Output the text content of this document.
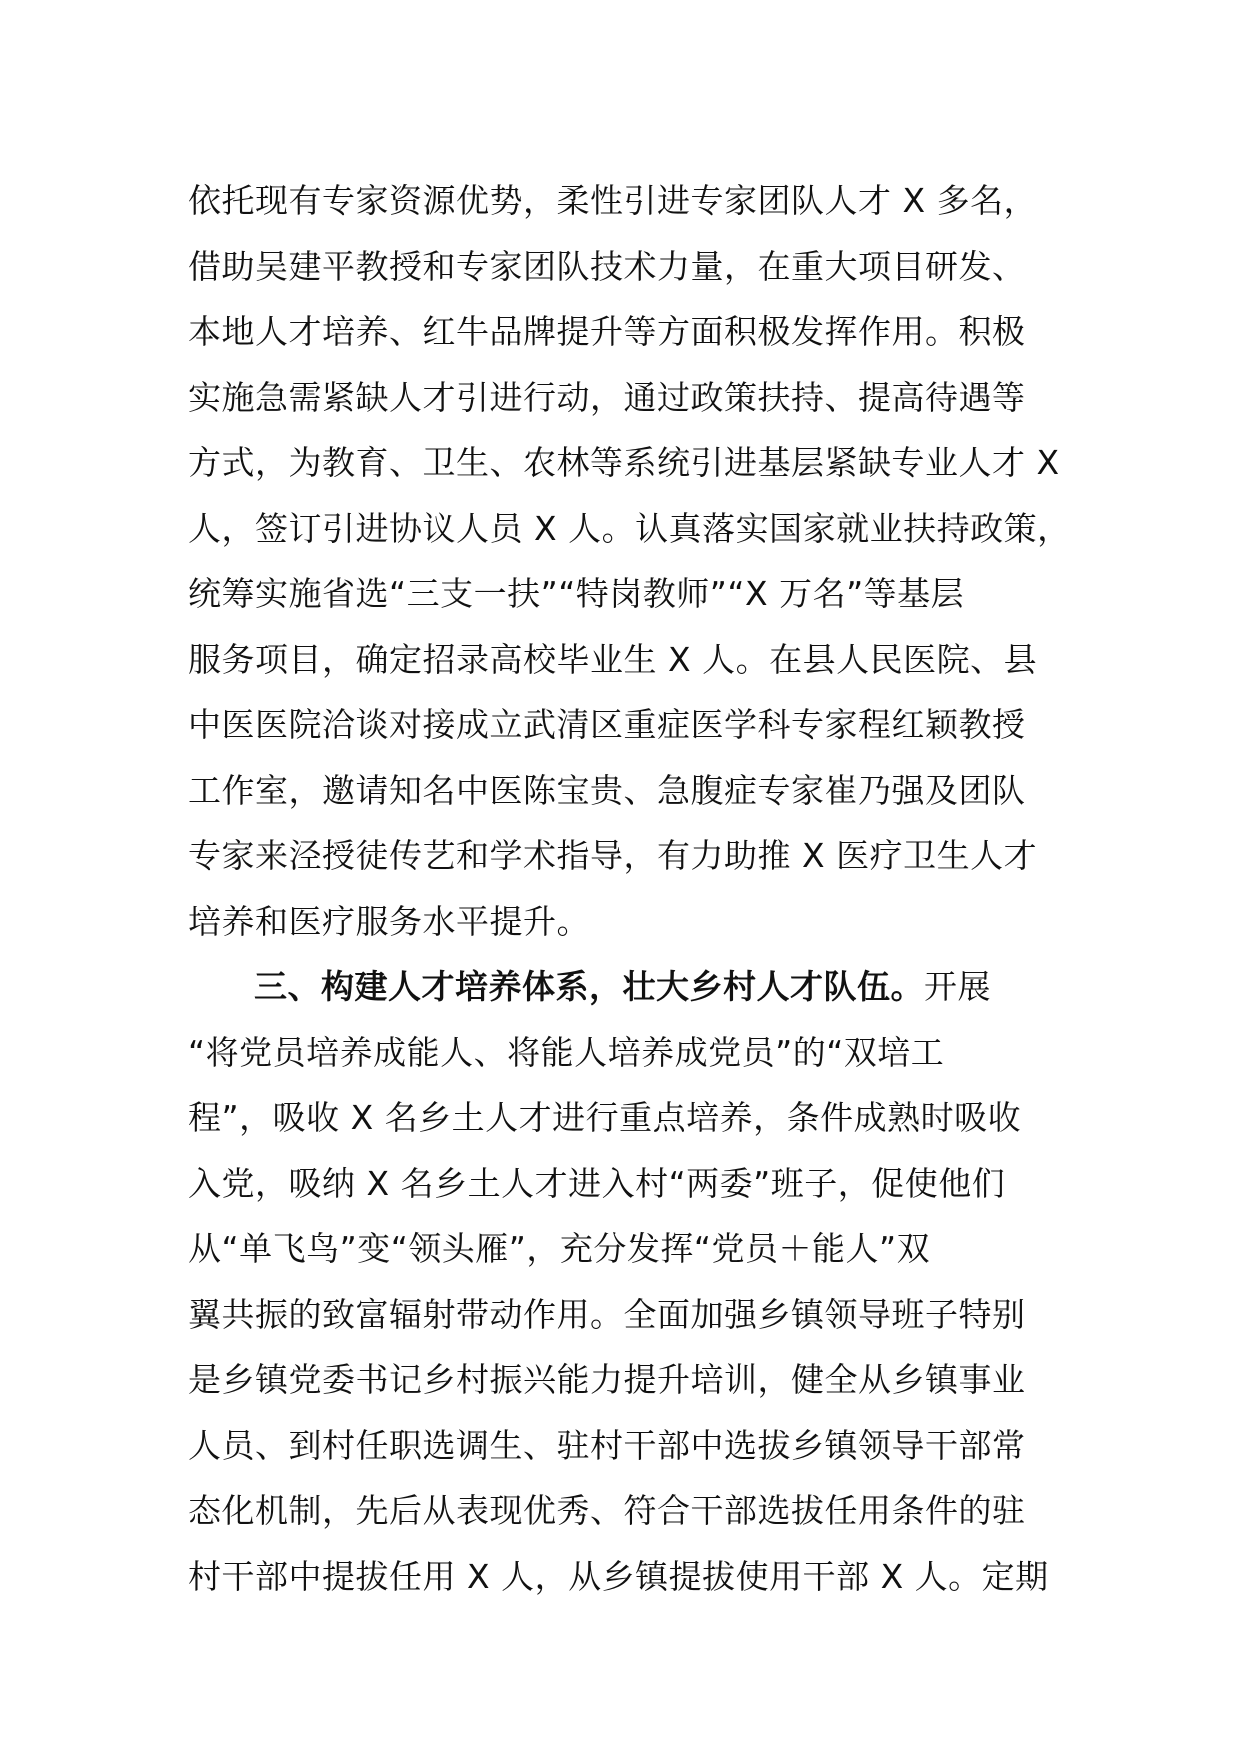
依托现有专家资源优势，柔性引进专家团队人才 X 多名，
借助吴建平教授和专家团队技术力量，在重大项目研发、
本地人才培养、红牛品牌提升等方面积极发挥作用。积极
实施急需紧缺人才引进行动，通过政策扶持、提高待遇等
方式，为教育、卫生、农林等系统引进基层紧缺专业人才 X
人，签订引进协议人员 X 人。认真落实国家就业扶持政策，
统筹实施省选“三支一扶”“特岗教师”“X 万名”等基层
服务项目，确定招录高校毕业生 X 人。在县人民医院、县
中医医院洽谈对接成立武清区重症医学科专家程红颖教授
工作室，邀请知名中医陈宝贵、急腹症专家崔乃强及团队
专家来泾授徒传艺和学术指导，有力助推 X 医疗卫生人才
培养和医疗服务水平提升。
三、构建人才培养体系，壮大乡村人才队伍。开展
“将党员培养成能人、将能人培养成党员”的“双培工
程”，吸收 X 名乡土人才进行重点培养，条件成熟时吸收
入党，吸纳 X 名乡土人才进入村“两委”班子，促使他们
从“单飞鸟”变“领头雁”，充分发挥“党员＋能人”双
翼共振的致富辐射带动作用。全面加强乡镇领导班子特别
是乡镇党委书记乡村振兴能力提升培训，健全从乡镇事业
人员、到村任职选调生、驻村干部中选拔乡镇领导干部常
态化机制，先后从表现优秀、符合干部选拔任用条件的驻
村干部中提拔任用 X 人，从乡镇提拔使用干部 X 人。定期
